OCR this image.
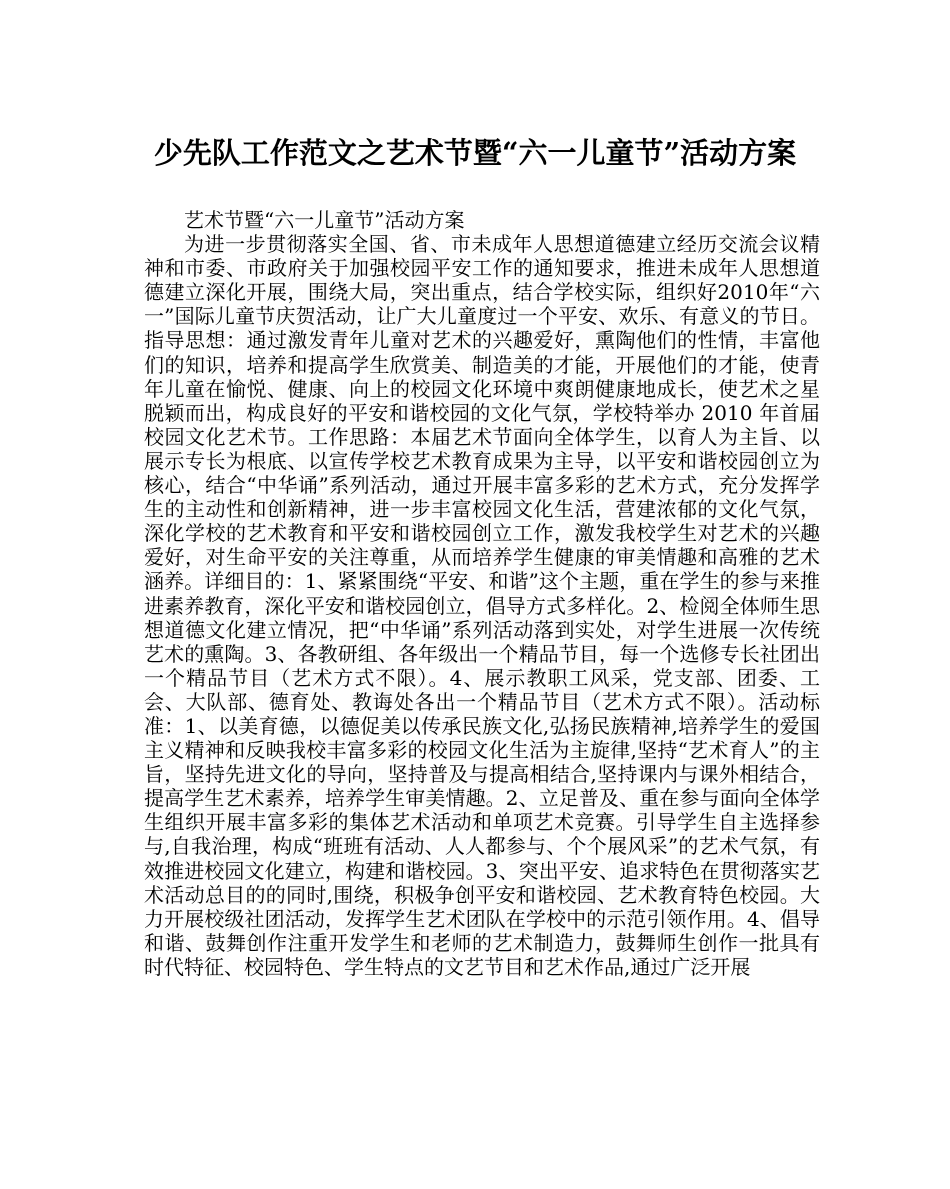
少先队工作范文之艺术节暨“六一儿童节”活动方案

艺术节暨“六一儿童节”活动方案

为进一步贯彻落实全国、省、市未成年人思想道德建立经历交流会议精神和市委、市政府关于加强校园平安工作的通知要求，推进未成年人思想道德建立深化开展，围绕大局，突出重点，结合学校实际，组织好2010年“六一”国际儿童节庆贺活动，让广大儿童度过一个平安、欢乐、有意义的节日。指导思想：通过激发青年儿童对艺术的兴趣爱好，熏陶他们的性情，丰富他们的知识，培养和提高学生欣赏美、制造美的才能，开展他们的才能，使青年儿童在愉悦、健康、向上的校园文化环境中爽朗健康地成长，使艺术之星脱颖而出，构成良好的平安和谐校园的文化气氛，学校特举办 2010 年首届校园文化艺术节。工作思路：本届艺术节面向全体学生，以育人为主旨、以展示专长为根底、以宣传学校艺术教育成果为主导，以平安和谐校园创立为核心，结合“中华诵”系列活动，通过开展丰富多彩的艺术方式，充分发挥学生的主动性和创新精神，进一步丰富校园文化生活，营建浓郁的文化气氛，深化学校的艺术教育和平安和谐校园创立工作，激发我校学生对艺术的兴趣爱好，对生命平安的关注尊重，从而培养学生健康的审美情趣和高雅的艺术涵养。详细目的：1、紧紧围绕“平安、和谐”这个主题，重在学生的参与来推进素养教育，深化平安和谐校园创立，倡导方式多样化。2、检阅全体师生思想道德文化建立情况，把“中华诵”系列活动落到实处，对学生进展一次传统艺术的熏陶。3、各教研组、各年级出一个精品节目，每一个选修专长社团出一个精品节目（艺术方式不限）。4、展示教职工风采，党支部、团委、工会、大队部、德育处、教诲处各出一个精品节目（艺术方式不限）。活动标准：1、以美育德，以德促美以传承民族文化,弘扬民族精神,培养学生的爱国主义精神和反映我校丰富多彩的校园文化生活为主旋律,坚持“艺术育人”的主旨，坚持先进文化的导向，坚持普及与提高相结合,坚持课内与课外相结合，提高学生艺术素养，培养学生审美情趣。2、立足普及、重在参与面向全体学生组织开展丰富多彩的集体艺术活动和单项艺术竞赛。引导学生自主选择参与,自我治理，构成“班班有活动、人人都参与、个个展风采”的艺术气氛，有效推进校园文化建立，构建和谐校园。3、突出平安、追求特色在贯彻落实艺术活动总目的的同时,围绕，积极争创平安和谐校园、艺术教育特色校园。大力开展校级社团活动，发挥学生艺术团队在学校中的示范引领作用。4、倡导和谐、鼓舞创作注重开发学生和老师的艺术制造力，鼓舞师生创作一批具有时代特征、校园特色、学生特点的文艺节目和艺术作品,通过广泛开展
